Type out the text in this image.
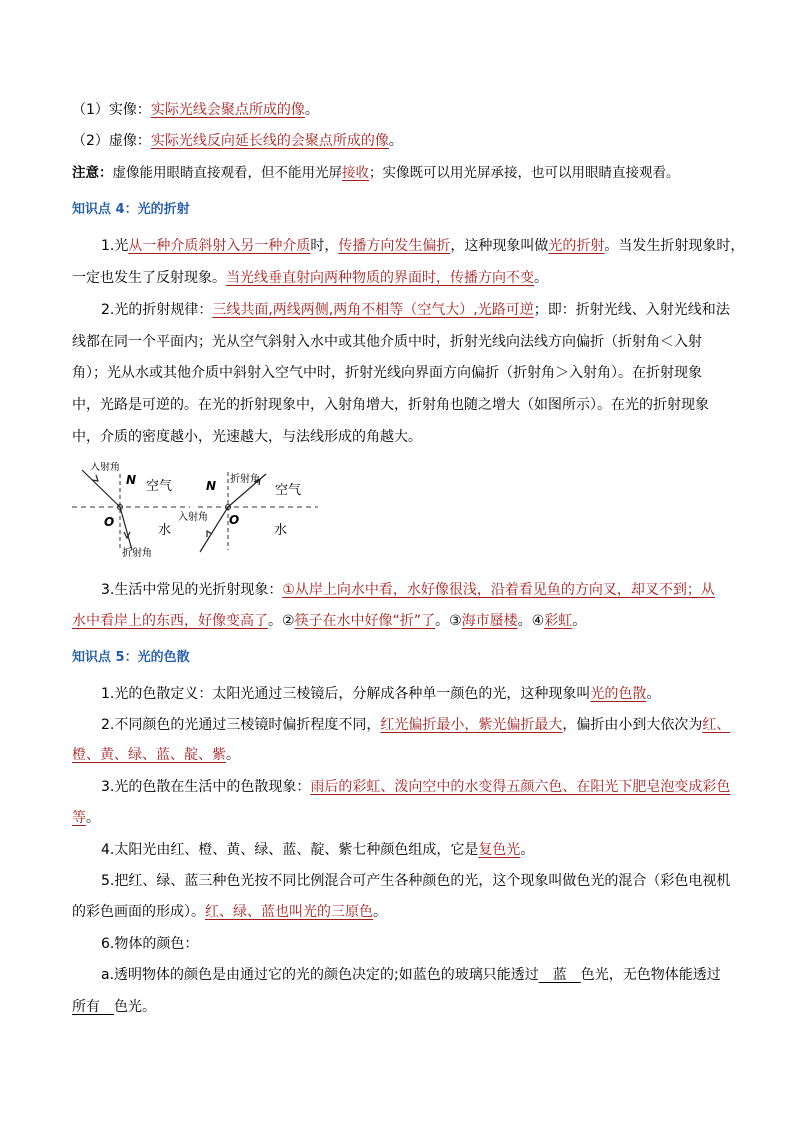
（1）实像：实际光线会聚点所成的像。
（2）虚像：实际光线反向延长线的会聚点所成的像。
注意：虚像能用眼睛直接观看，但不能用光屏接收；实像既可以用光屏承接，也可以用眼睛直接观看。
知识点 4：光的折射
1.光从一种介质斜射入另一种介质时，传播方向发生偏折，这种现象叫做光的折射。当发生折射现象时，
一定也发生了反射现象。当光线垂直射向两种物质的界面时，传播方向不变。
2.光的折射规律：三线共面,两线两侧,两角不相等（空气大）,光路可逆；即：折射光线、入射光线和法
线都在同一个平面内；光从空气斜射入水中或其他介质中时，折射光线向法线方向偏折（折射角＜入射
角）；光从水或其他介质中斜射入空气中时，折射光线向界面方向偏折（折射角＞入射角）。在折射现象
中，光路是可逆的。在光的折射现象中，入射角增大，折射角也随之增大（如图所示）。在光的折射现象
中，介质的密度越小，光速越大，与法线形成的角越大。
入射角
N 空气
O
水
折射角
N 折射角
空气
入射角 O
水
3.生活中常见的光折射现象：①从岸上向水中看，水好像很浅，沿着看见鱼的方向叉，却叉不到；从
水中看岸上的东西，好像变高了。②筷子在水中好像“折”了。③海市蜃楼。④彩虹。
知识点 5：光的色散
1.光的色散定义：太阳光通过三棱镜后，分解成各种单一颜色的光，这种现象叫光的色散。
2.不同颜色的光通过三棱镜时偏折程度不同，红光偏折最小，紫光偏折最大，偏折由小到大依次为红、
橙、黄、绿、蓝、靛、紫。
3.光的色散在生活中的色散现象：雨后的彩虹、泼向空中的水变得五颜六色、在阳光下肥皂泡变成彩色
等。
4.太阳光由红、橙、黄、绿、蓝、靛、紫七种颜色组成，它是复色光。
5.把红、绿、蓝三种色光按不同比例混合可产生各种颜色的光，这个现象叫做色光的混合（彩色电视机
的彩色画面的形成）。红、绿、蓝也叫光的三原色。
6.物体的颜色：
a.透明物体的颜色是由通过它的光的颜色决定的;如蓝色的玻璃只能透过　蓝　色光，无色物体能透过
所有　色光。
